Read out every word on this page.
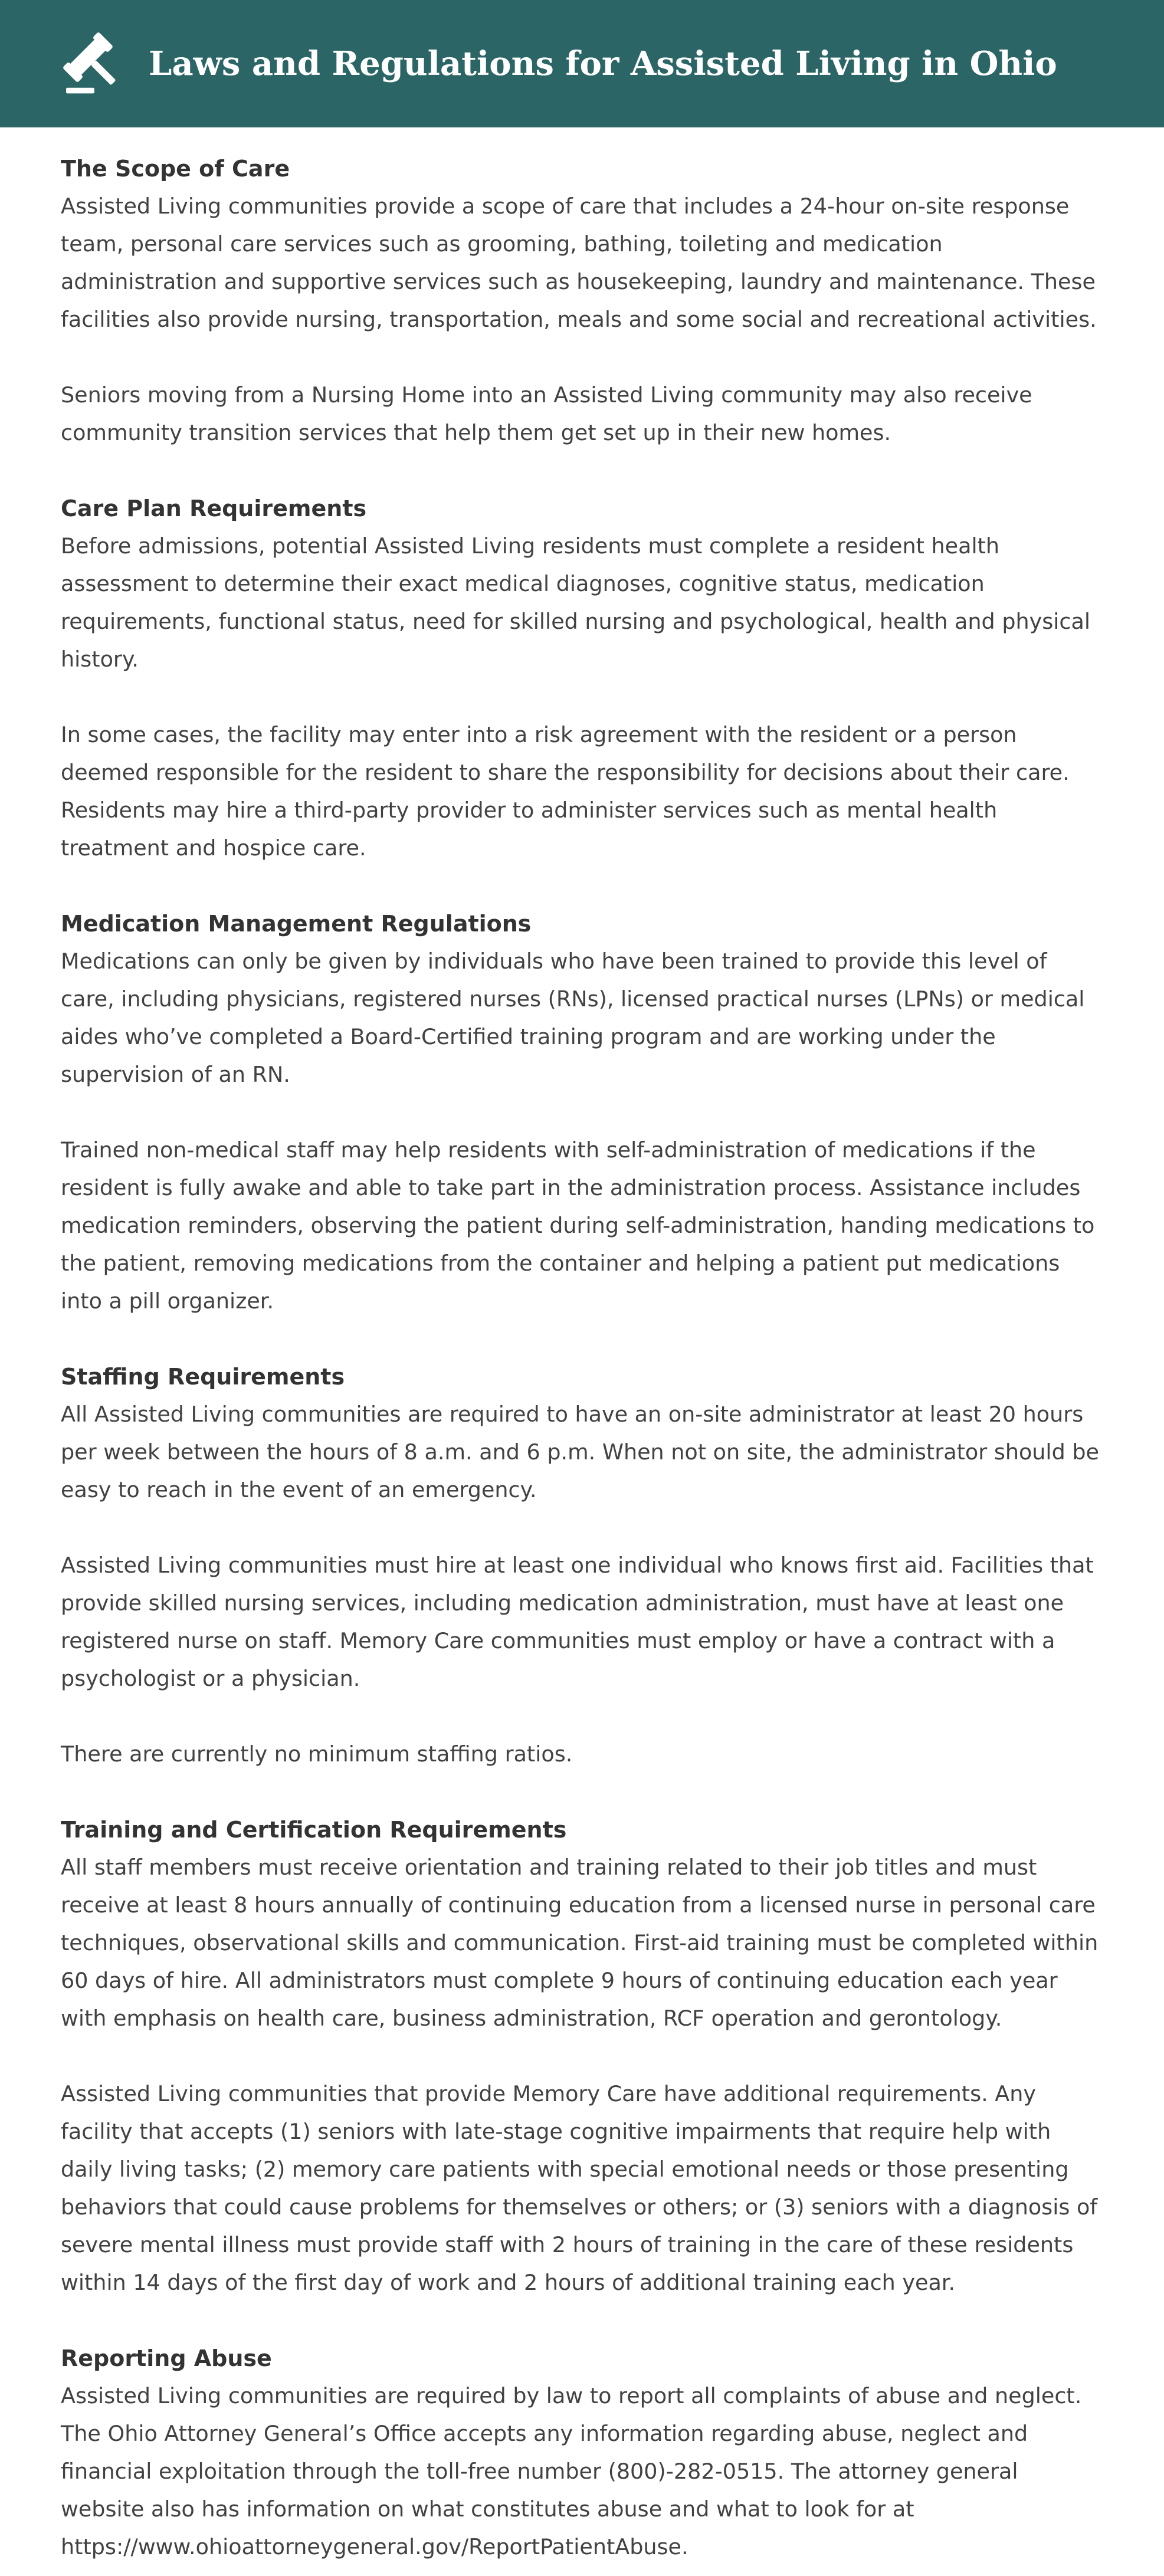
Laws and Regulations for Assisted Living in Ohio
The Scope of Care

Assisted Living communities provide a scope of care that includes a 24-hour on-site response team, personal care services such as grooming, bathing, toileting and medication administration and supportive services such as housekeeping, laundry and maintenance. These facilities also provide nursing, transportation, meals and some social and recreational activities.

Seniors moving from a Nursing Home into an Assisted Living community may also receive community transition services that help them get set up in their new homes.

Care Plan Requirements

Before admissions, potential Assisted Living residents must complete a resident health assessment to determine their exact medical diagnoses, cognitive status, medication requirements, functional status, need for skilled nursing and psychological, health and physical history.

In some cases, the facility may enter into a risk agreement with the resident or a person deemed responsible for the resident to share the responsibility for decisions about their care. Residents may hire a third-party provider to administer services such as mental health treatment and hospice care.

Medication Management Regulations

Medications can only be given by individuals who have been trained to provide this level of care, including physicians, registered nurses (RNs), licensed practical nurses (LPNs) or medical aides who’ve completed a Board-Certified training program and are working under the supervision of an RN.

Trained non-medical staff may help residents with self-administration of medications if the resident is fully awake and able to take part in the administration process. Assistance includes medication reminders, observing the patient during self-administration, handing medications to the patient, removing medications from the container and helping a patient put medications into a pill organizer.

Staffing Requirements

All Assisted Living communities are required to have an on-site administrator at least 20 hours per week between the hours of 8 a.m. and 6 p.m. When not on site, the administrator should be easy to reach in the event of an emergency.

Assisted Living communities must hire at least one individual who knows first aid. Facilities that provide skilled nursing services, including medication administration, must have at least one registered nurse on staff. Memory Care communities must employ or have a contract with a psychologist or a physician.

There are currently no minimum staffing ratios.

Training and Certification Requirements

All staff members must receive orientation and training related to their job titles and must receive at least 8 hours annually of continuing education from a licensed nurse in personal care techniques, observational skills and communication. First-aid training must be completed within 60 days of hire. All administrators must complete 9 hours of continuing education each year with emphasis on health care, business administration, RCF operation and gerontology.

Assisted Living communities that provide Memory Care have additional requirements. Any facility that accepts (1) seniors with late-stage cognitive impairments that require help with daily living tasks; (2) memory care patients with special emotional needs or those presenting behaviors that could cause problems for themselves or others; or (3) seniors with a diagnosis of severe mental illness must provide staff with 2 hours of training in the care of these residents within 14 days of the first day of work and 2 hours of additional training each year.

Reporting Abuse

Assisted Living communities are required by law to report all complaints of abuse and neglect. The Ohio Attorney General’s Office accepts any information regarding abuse, neglect and financial exploitation through the toll-free number (800)-282-0515. The attorney general website also has information on what constitutes abuse and what to look for at https://www.ohioattorneygeneral.gov/ReportPatientAbuse.
